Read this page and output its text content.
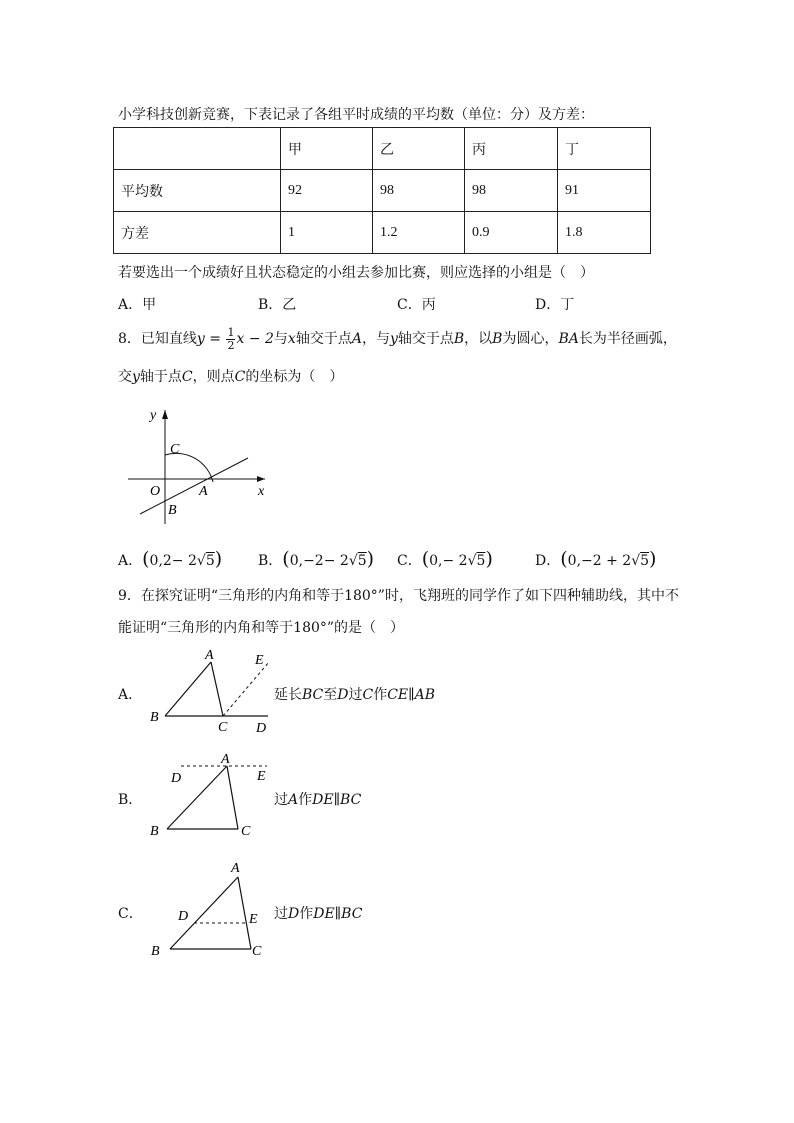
小学科技创新竞赛，下表记录了各组平时成绩的平均数（单位：分）及方差：
	甲	乙	丙	丁
平均数	92	98	98	91
方差	1	1.2	0.9	1.8
若要选出一个成绩好且状态稳定的小组去参加比赛，则应选择的小组是（　）
A．甲	B．乙	C．丙	D．丁
8．已知直线$y = \frac{1}{2}$ x − 2与x轴交于点A，与y轴交于点B，以B为圆心，BA长为半径画弧，
交y轴于点C，则点C的坐标为（　）
y
x
C
O	A
B
A．(0,2− 2√5)	B．(0,−2− 2√5) C．(0,− 2√5)	D．(0,−2 + 2√5)
9．在探究证明“三角形的内角和等于180°”时，飞翔班的同学作了如下四种辅助线，其中不
能证明“三角形的内角和等于180°”的是（　）
A．
A
B
C D
E
延长BC至D过C作CE∥AB
B．
A
D	E
B	C
过A作DE∥BC
C．
A
D	E
B	C
过D作DE∥BC
